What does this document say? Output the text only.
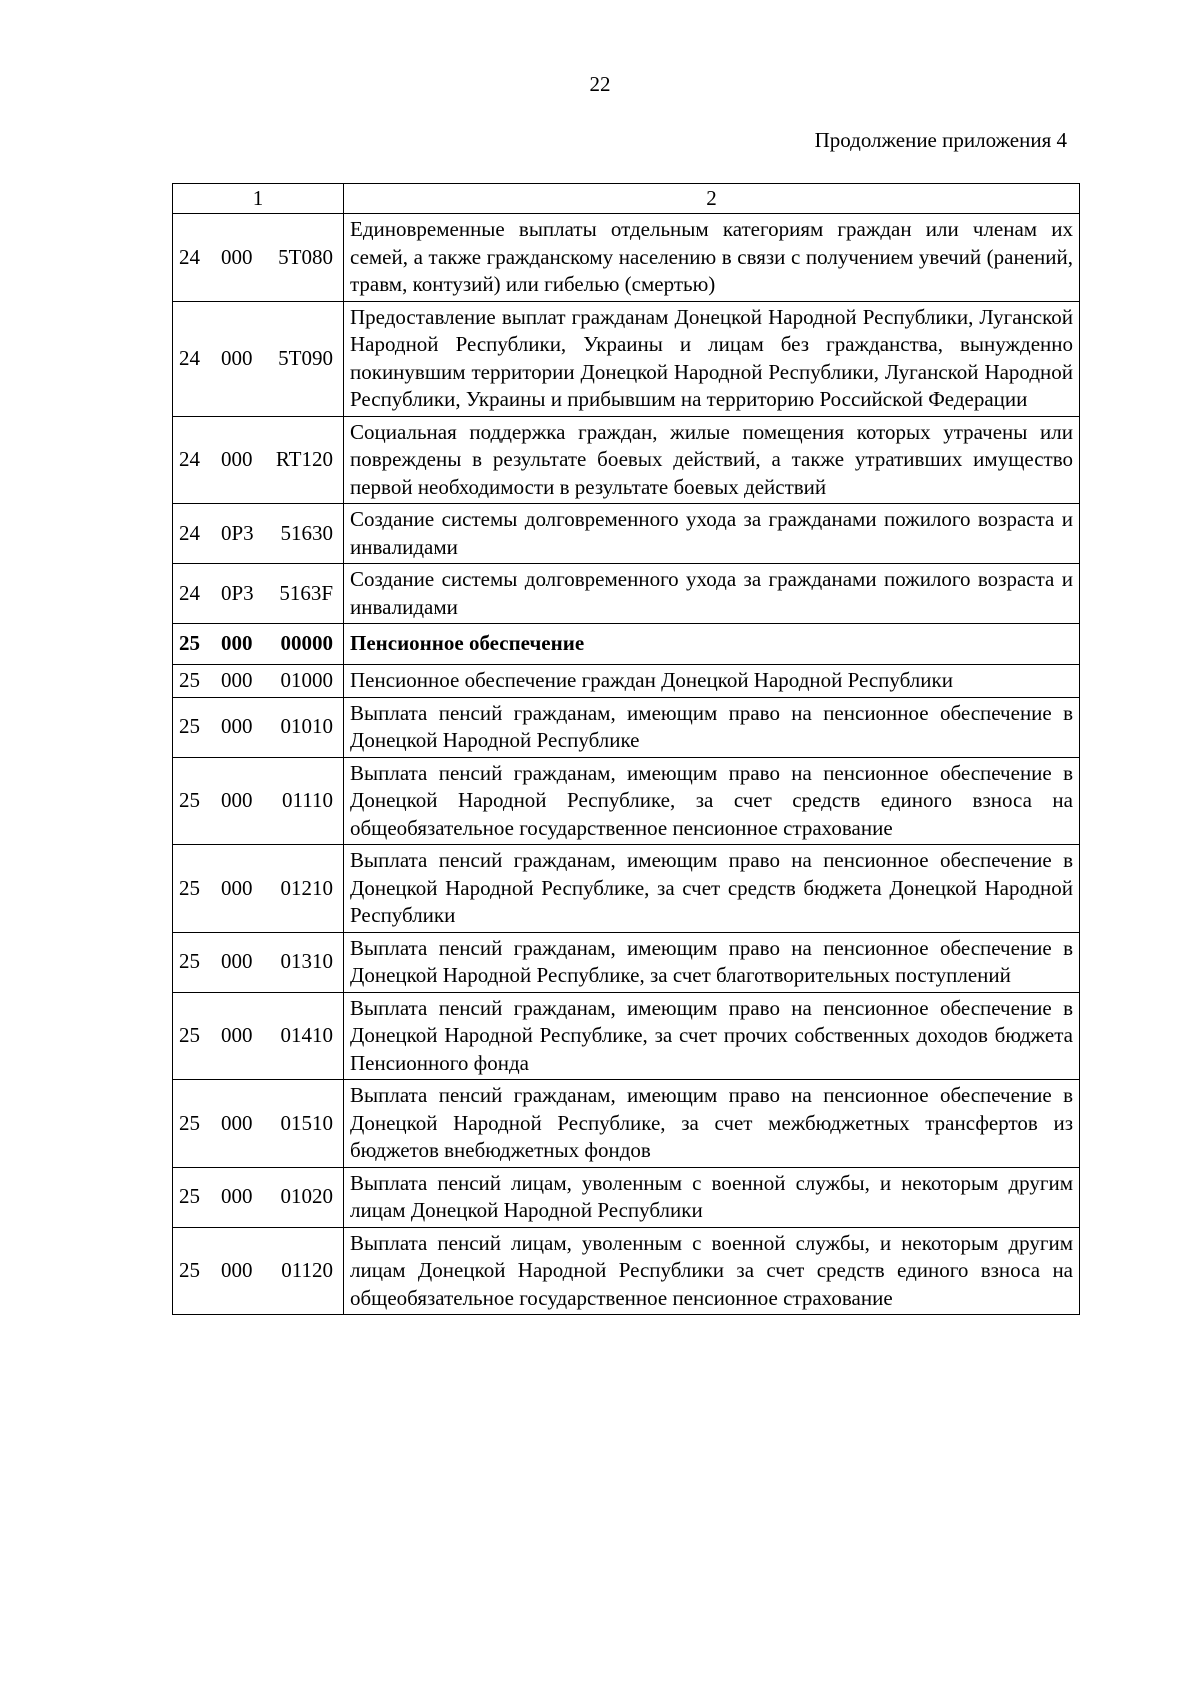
22
Продолжение приложения 4
1	2
24 000 5Т080	Единовременные выплаты отдельным категориям граждан или членам их семей, а также гражданскому населению в связи с получением увечий (ранений, травм, контузий) или гибелью (смертью)
24 000 5Т090	Предоставление выплат гражданам Донецкой Народной Республики, Луганской Народной Республики, Украины и лицам без гражданства, вынужденно покинувшим территории Донецкой Народной Республики, Луганской Народной Республики, Украины и прибывшим на территорию Российской Федерации
24 000 RT120	Социальная поддержка граждан, жилые помещения которых утрачены или повреждены в результате боевых действий, а также утративших имущество первой необходимости в результате боевых действий
24 0Р3 51630	Создание системы долговременного ухода за гражданами пожилого возраста и инвалидами
24 0Р3 5163F	Создание системы долговременного ухода за гражданами пожилого возраста и инвалидами
25 000 00000	Пенсионное обеспечение
25 000 01000	Пенсионное обеспечение граждан Донецкой Народной Республики
25 000 01010	Выплата пенсий гражданам, имеющим право на пенсионное обеспечение в Донецкой Народной Республике
25 000 01110	Выплата пенсий гражданам, имеющим право на пенсионное обеспечение в Донецкой Народной Республике, за счет средств единого взноса на общеобязательное государственное пенсионное страхование
25 000 01210	Выплата пенсий гражданам, имеющим право на пенсионное обеспечение в Донецкой Народной Республике, за счет средств бюджета Донецкой Народной Республики
25 000 01310	Выплата пенсий гражданам, имеющим право на пенсионное обеспечение в Донецкой Народной Республике, за счет благотворительных поступлений
25 000 01410	Выплата пенсий гражданам, имеющим право на пенсионное обеспечение в Донецкой Народной Республике, за счет прочих собственных доходов бюджета Пенсионного фонда
25 000 01510	Выплата пенсий гражданам, имеющим право на пенсионное обеспечение в Донецкой Народной Республике, за счет межбюджетных трансфертов из бюджетов внебюджетных фондов
25 000 01020	Выплата пенсий лицам, уволенным с военной службы, и некоторым другим лицам Донецкой Народной Республики
25 000 01120	Выплата пенсий лицам, уволенным с военной службы, и некоторым другим лицам Донецкой Народной Республики за счет средств единого взноса на общеобязательное государственное пенсионное страхование
